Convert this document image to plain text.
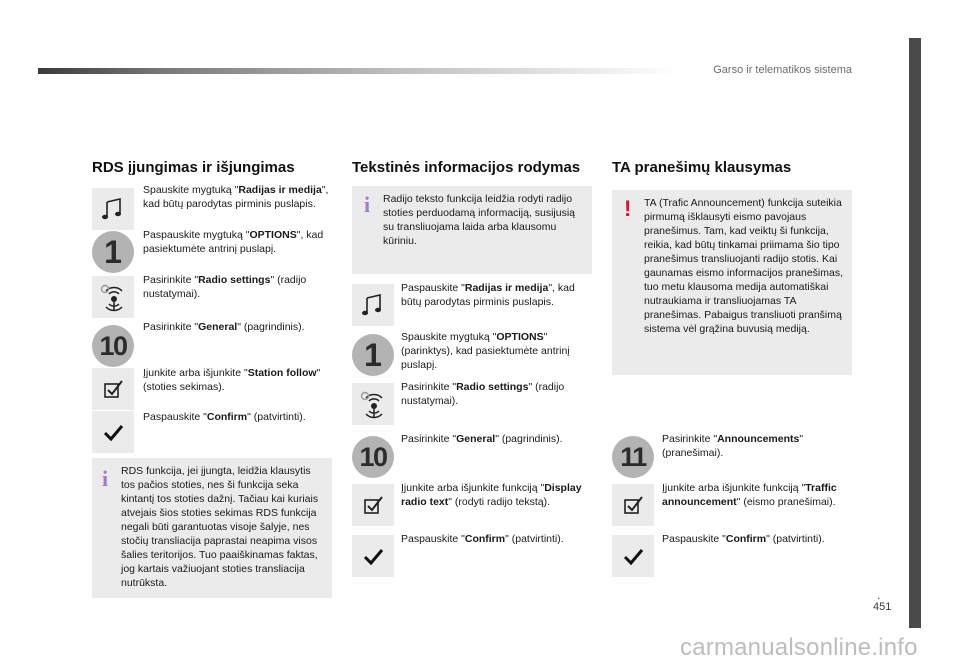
Garso ir telematikos sistema
RDS įjungimas ir išjungimas
Spauskite mygtuką "Radijas ir medija", kad būtų parodytas pirminis puslapis.
1	Paspauskite mygtuką "OPTIONS", kad pasiektumėte antrinį puslapį.
Pasirinkite "Radio settings" (radijo nustatymai).
10
Pasirinkite "General" (pagrindinis).
Įjunkite arba išjunkite "Station follow" (stoties sekimas).
Paspauskite "Confirm" (patvirtinti).
i RDS funkcija, jei įjungta, leidžia klausytis tos pačios stoties, nes ši funkcija seka kintantį tos stoties dažnį. Tačiau kai kuriais atvejais šios stoties sekimas RDS funkcija negali būti garantuotas visoje šalyje, nes stočių transliacija paprastai neapima visos šalies teritorijos. Tuo paaiškinamas faktas, jog kartais važiuojant stoties transliacija nutrūksta.
Tekstinės informacijos rodymas
i Radijo teksto funkcija leidžia rodyti radijo stoties perduodamą informaciją, susijusią su transliuojama laida arba klausomu kūriniu.
Paspauskite "Radijas ir medija", kad būtų parodytas pirminis puslapis.
1	Spauskite mygtuką "OPTIONS" (parinktys), kad pasiektumėte antrinį puslapį.
Pasirinkite "Radio settings" (radijo nustatymai).
10
Pasirinkite "General" (pagrindinis).
Įjunkite arba išjunkite funkciją "Display radio text" (rodyti radijo tekstą).
Paspauskite "Confirm" (patvirtinti).
TA pranešimų klausymas
! TA (Trafic Announcement) funkcija suteikia pirmumą išklausyti eismo pavojaus pranešimus. Tam, kad veiktų ši funkcija, reikia, kad būtų tinkamai priimama šio tipo pranešimus transliuojanti radijo stotis. Kai gaunamas eismo informacijos pranešimas, tuo metu klausoma medija automatiškai nutraukiama ir transliuojamas TA pranešimas. Pabaigus transliuoti pranšimą sistema vėl grąžina buvusią mediją.
11
Pasirinkite "Announcements" (pranešimai).
Įjunkite arba išjunkite funkciją "Traffic announcement" (eismo pranešimai).
Paspauskite "Confirm" (patvirtinti).
.
451
carmanualsonline.info
